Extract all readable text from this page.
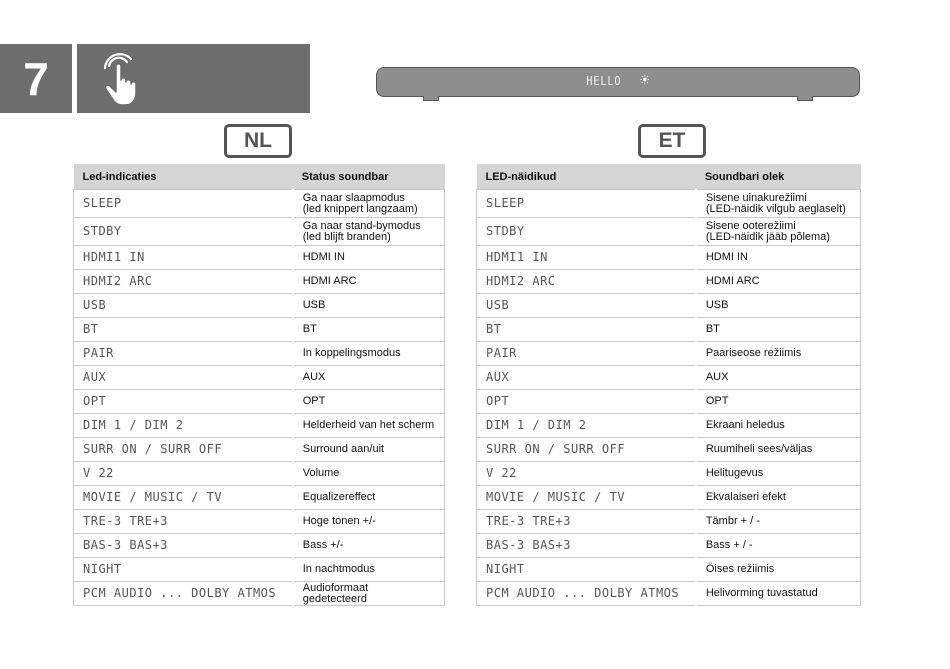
7	HELLO
NL	ET
Led-indicaties	Status soundbar
SLEEP	Ga naar slaapmodus
(led knippert langzaam)
STDBY	Ga naar stand-bymodus
(led blijft branden)
HDMI1 IN	HDMI IN
HDMI2 ARC	HDMI ARC
USB	USB
BT	BT
PAIR	In koppelingsmodus
AUX	AUX
OPT	OPT
DIM 1 / DIM 2	Helderheid van het scherm
SURR ON / SURR OFF	Surround aan/uit
V 22	Volume
MOVIE / MUSIC / TV	Equalizereffect
TRE-3 TRE+3	Hoge tonen +/-
BAS-3 BAS+3	Bass +/-
NIGHT	In nachtmodus
PCM AUDIO ... DOLBY ATMOS	Audioformaat gedetecteerd
LED-näidikud	Soundbari olek
SLEEP	Sisene uinakurežiimi
(LED-näidik vilgub aeglaselt)
STDBY	Sisene ooterežiimi
(LED-näidik jääb põlema)
HDMI1 IN	HDMI IN
HDMI2 ARC	HDMI ARC
USB	USB
BT	BT
PAIR	Paariseose režiimis
AUX	AUX
OPT	OPT
DIM 1 / DIM 2	Ekraani heledus
SURR ON / SURR OFF	Ruumiheli sees/väljas
V 22	Helitugevus
MOVIE / MUSIC / TV	Ekvalaiseri efekt
TRE-3 TRE+3	Tämbr + / -
BAS-3 BAS+3	Bass + / -
NIGHT	Öises režiimis
PCM AUDIO ... DOLBY ATMOS	Helivorming tuvastatud
